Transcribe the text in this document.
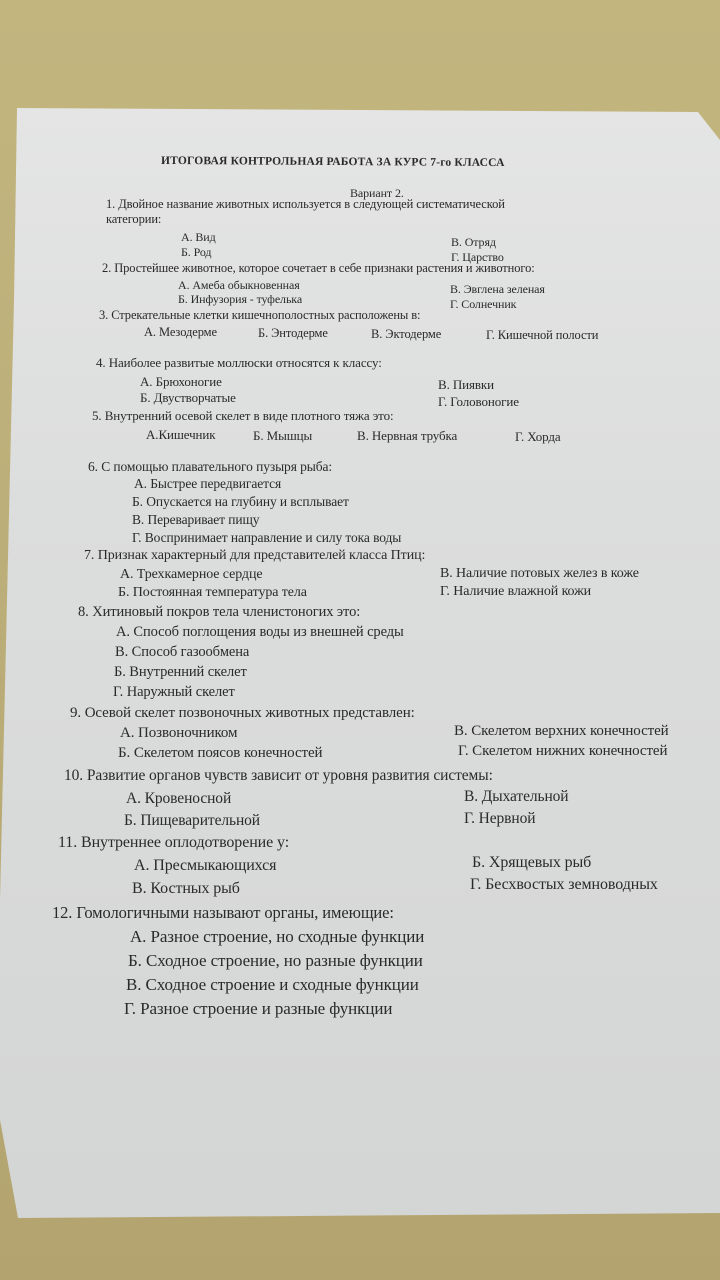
ИТОГОВАЯ КОНТРОЛЬНАЯ РАБОТА ЗА КУРС 7-го КЛАССА
Вариант 2.
1. Двойное название животных используется в следующей систематической
категории:
А. Вид	В. Отряд
Б. Род	Г. Царство
2. Простейшее животное, которое сочетает в себе признаки растения и животного:
А. Амеба обыкновенная	В. Эвглена зеленая
Б. Инфузория - туфелька	Г. Солнечник
3. Стрекательные клетки кишечнополостных расположены в:
А. Мезодерме	Б. Энтодерме	В. Эктодерме	Г. Кишечной полости
4. Наиболее развитые моллюски относятся к классу:
А. Брюхоногие	В. Пиявки
Б. Двустворчатые	Г. Головоногие
5. Внутренний осевой скелет в виде плотного тяжа это:
А.Кишечник	Б. Мышцы	В. Нервная трубка	Г. Хорда
6. С помощью плавательного пузыря рыба:
А. Быстрее передвигается
Б. Опускается на глубину и всплывает
В. Переваривает пищу
Г. Воспринимает направление и силу тока воды
7. Признак характерный для представителей класса Птиц:
А. Трехкамерное сердце	В. Наличие потовых желез в коже
Б. Постоянная температура тела	Г. Наличие влажной кожи
8. Хитиновый покров тела членистоногих это:
А. Способ поглощения воды из внешней среды
В. Способ газообмена
Б. Внутренний скелет
Г. Наружный скелет
9. Осевой скелет позвоночных животных представлен:
А. Позвоночником	В. Скелетом верхних конечностей
Б. Скелетом поясов конечностей	Г. Скелетом нижних конечностей
10. Развитие органов чувств зависит от уровня развития системы:
А. Кровеносной	В. Дыхательной
Б. Пищеварительной	Г. Нервной
11. Внутреннее оплодотворение у:
А. Пресмыкающихся	Б. Хрящевых рыб
В. Костных рыб	Г. Бесхвостых земноводных
12. Гомологичными называют органы, имеющие:
А. Разное строение, но сходные функции
Б. Сходное строение, но разные функции
В. Сходное строение и сходные функции
Г. Разное строение и разные функции
